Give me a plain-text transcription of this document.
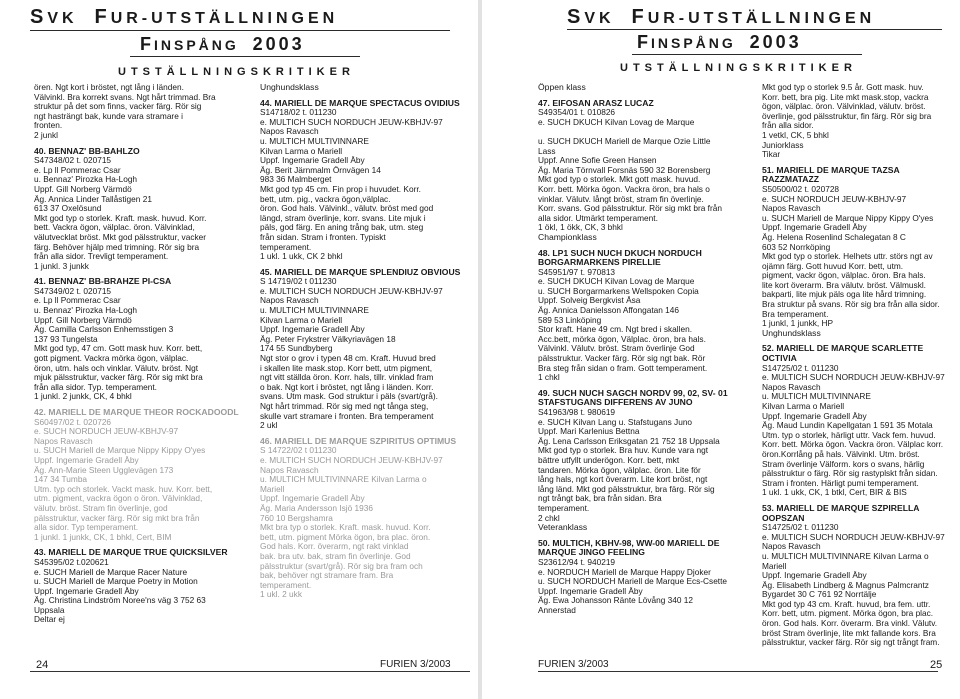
SVK FUR-UTSTÄLLNINGEN
FINSPÅNG 2003
UTSTÄLLNINGSKRITIKER

ören. Ngt kort i bröstet, ngt lång i länden.

Välvinkl. Bra korrekt svans. Ngt hårt trimmad. Bra

struktur på det som finns, vacker färg. Rör sig

ngt hasträngt bak, kunde vara stramare i

fronten.

2 junkl

40. BENNAZ' BB-BAHLZO

S47348/02 t. 020715

e. Lp ll Pommerac Csar

u. Bennaz' Pirozka Ha-Logh

Uppf. Gill Norberg Värmdö

Äg. Annica Linder Tallåstigen 21

613 37 Oxelösund

Mkt god typ o storlek. Kraft. mask. huvud. Korr.

bett. Vackra ögon, välplac. öron. Välvinklad,

välutvecklat bröst. Mkt god pälsstruktur, vacker

färg. Behöver hjälp med trimning. Rör sig bra

från alla sidor. Trevligt temperament.

1 junkl. 3 junkk

41. BENNAZ' BB-BRAHZE PI-CSA

S47349/02 t. 020715

e. Lp ll Pommerac Csar

u. Bennaz' Pirozka Ha-Logh

Uppf. Gill Norberg Värmdö

Äg. Camilla Carlsson Enhemsstigen 3

137 93 Tungelsta

Mkt god typ, 47 cm. Gott mask huv. Korr. bett,

gott pigment. Vackra mörka ögon, välplac.

öron, utm. hals och vinklar. Välutv. bröst. Ngt

mjuk pälsstruktur, vacker färg. Rör sig mkt bra

från alla sidor. Typ. temperament.

1 junkl. 2 junkk, CK, 4 bhkl

42. MARIELL DE MARQUE THEOR ROCKADOODL

S60497/02 t. 020726

e. SUCH NORDUCH JEUW-KBHJV-97

Napos Ravasch

u. SUCH Mariell de Marque Nippy Kippy O'yes

Uppf. Ingemarie Gradell Åby

Äg. Ann-Marie Steen Ugglevägen 173

147 34 Tumba

Utm. typ och storlek. Vackt mask. huv. Korr. bett,

utm. pigment, vackra ögon o öron. Välvinklad,

välutv. bröst. Stram fin överlinje, god

pälsstruktur, vacker färg. Rör sig mkt bra från

alla sidor. Typ temperament.

1 junkl. 1 junkk, CK, 1 bhkl, Cert, BIM

43. MARIELL DE MARQUE TRUE QUICKSILVER

S45395/02 t.020621

e. SUCH Mariell de Marque Racer Nature

u. SUCH Mariell de Marque Poetry in Motion

Uppf. Ingemarie Gradell Åby

Äg. Christina Lindström Noree'ns väg 3 752 63

Uppsala

Deltar ej

Unghundsklass

44. MARIELL DE MARQUE SPECTACUS OVIDIUS

S14718/02 t. 011230

e. MULTICH SUCH NORDUCH JEUW-KBHJV-97

Napos Ravasch

u. MULTICH MULTIVINNARE

Kilvan Larma o Mariell

Uppf. Ingemarie Gradell Åby

Äg. Berit Järnmalm Örnvägen 14

983 36 Malmberget

Mkt god typ 45 cm. Fin prop i huvudet. Korr.

bett, utm. pig., vackra ögon,välplac.

öron. God hals. Välvinkl., välutv. bröst med god

längd, stram överlinje, korr. svans. Lite mjuk i

päls, god färg. En aning trång bak, utm. steg

från sidan. Stram i fronten. Typiskt

temperament.

1 ukl. 1 ukk, CK 2 bhkl

45. MARIELL DE MARQUE SPLENDIUZ OBVIOUS

S 14719/02 t 011230

e. MULTICH SUCH NORDUCH JEUW-KBHJV-97

Napos Ravasch

u. MULTICH MULTIVINNARE

Kilvan Larma o Mariell

Uppf. Ingemarie Gradell Åby

Äg. Peter Frykstrer Välkyriavägen 18

174 55 Sundbyberg

Ngt stor o grov i typen 48 cm. Kraft. Huvud bred

i skallen lite mask.stop. Korr bett, utm pigment,

ngt vitt ställda öron. Korr. hals, tillr. vinklad fram

o bak. Ngt kort i bröstet, ngt lång i länden. Korr.

svans. Utm mask. God struktur i päls (svart/grå).

Ngt hårt trimmad. Rör sig med ngt tånga steg,

skulle vart stramare i fronten. Bra temperament

2 ukl

46. MARIELL DE MARQUE SZPIRITUS OPTIMUS

S 14722/02 t 011230

e. MULTICH SUCH NORDUCH JEUW-KBHJV-97

Napos Ravasch

u. MULTICH MULTIVINNARE Kilvan Larma o

Mariell

Uppf. Ingemarie Gradell Åby

Äg. Maria Andersson Isjö 1936

760 10 Bergshamra

Mkt bra typ o storlek. Kraft. mask. huvud. Korr.

bett, utm. pigment Mörka ögon, bra plac. öron.

God hals. Korr. överarm, ngt rakt vinklad

bak. bra utv. bak, stram fin överlinje. God

pälsstruktur (svart/grå). Rör sig bra fram och

bak, behöver ngt stramare fram. Bra

temperament.

1 ukl. 2 ukk

24	FURIEN 3/2003
SVK FUR-UTSTÄLLNINGEN
FINSPÅNG 2003
UTSTÄLLNINGSKRITIKER

Öppen klass

47. EIFOSAN ARASZ LUCAZ

S49354/01 t. 010826

e. SUCH DKUCH Kilvan Lovag de Marque

u. SUCH DKUCH Mariell de Marque Ozie Little

Lass

Uppf. Anne Sofie Green Hansen

Äg. Maria Törnvall Forsnäs 590 32 Borensberg

Mkt god typ o storlek. Mkt gott mask. huvud.

Korr. bett. Mörka ögon. Vackra öron, bra hals o

vinklar. Välutv. långt bröst, stram fin överlinje.

Korr. svans. God pälsstruktur. Rör sig mkt bra från

alla sidor. Utmärkt temperament.

1 ökl, 1 ökk, CK, 3 bhkl

Championklass

48. LP1 SUCH NUCH DKUCH NORDUCH BORGARMARKENS PIRELLIE

S45951/97 t. 970813

e. SUCH DKUCH Kilvan Lovag de Marque

u. SUCH Borgarmarkens Wellspoken Copia

Uppf. Solveig Bergkvist Åsa

Äg. Annica Danielsson Affongatan 146

589 53 Linköping

Stor kraft. Hane 49 cm. Ngt bred i skallen.

Acc.bett, mörka ögon, Välplac. öron, bra hals.

Välvinkl. Välutv. bröst. Stram överlinje God

pälsstruktur. Vacker färg. Rör sig ngt bak. Rör

Bra steg från sidan o fram. Gott temperament.

1 chkl

49. SUCH NUCH SAGCH NORDV 99, 02, SV- 01 STAFSTUGANS DIFFERENS AV JUNO

S41963/98 t. 980619

e. SUCH Kilvan Lang u. Stafstugans Juno

Uppf. Mari Karlenius Bettna

Äg. Lena Carlsson Eriksgatan 21 752 18 Uppsala

Mkt god typ o storlek. Bra huv. Kunde vara ngt

bättre utfyllt underögon. Korr. bett, mkt

tandaren. Mörka ögon, välplac. öron. Lite för

lång hals, ngt kort överarm. Lite kort bröst, ngt

lång länd. Mkt god pälsstruktur, bra färg. Rör sig

ngt trångt bak, bra från sidan. Bra

temperament.

2 chkl

Veteranklass

50. MULTICH, KBHV-98, WW-00 MARIELL DE MARQUE JINGO FEELING

S23612/94 t. 940219

e. NORDUCH Mariell de Marque Happy Djoker

u. SUCH NORDUCH Mariell de Marque Ecs-Csette

Uppf. Ingemarie Gradell Åby

Äg. Ewa Johansson Ränte Lövång 340 12

Annerstad

Mkt god typ o storlek 9.5 år. Gott mask. huv.

Korr. bett, bra pig. Lite mkt mask.stop, vackra

ögon, välplac. öron. Välvinklad, välutv. bröst.

överlinje, god pälsstruktur, fin färg. Rör sig bra

från alla sidor.

1 vetkl, CK, 5 bhkl

Juniorklass

Tikar

51. MARIELL DE MARQUE TAZSA RAZZMATAZZ

S50500/02 t. 020728

e. SUCH NORDUCH JEUW-KBHJV-97

Napos Ravasch

u. SUCH Mariell de Marque Nippy Kippy O'yes

Uppf. Ingemarie Gradell Åby

Äg. Helena Rosenlind Schalegatan 8 C

603 52 Norrköping

Mkt god typ o storlek. Helhets uttr. störs ngt av

ojämn färg. Gott huvud Korr. bett, utm.

pigment, vackr ögon, välplac. öron. Bra hals.

lite kort överarm. Bra välutv. bröst. Välmuskl.

bakparti, lite mjuk päls oga lite hård trimning.

Bra struktur på svans. Rör sig bra från alla sidor.

Bra temperament.

1 junkl, 1 junkk, HP

Unghundsklass

52. MARIELL DE MARQUE SCARLETTE OCTIVIA

S14725/02 t. 011230

e. MULTICH SUCH NORDUCH JEUW-KBHJV-97

Napos Ravasch

u. MULTICH MULTIVINNARE

Kilvan Larma o Mariell

Uppf. Ingemarie Gradell Åby

Äg. Maud Lundin Kapellgatan 1 591 35 Motala

Utm. typ o storlek, härligt uttr. Vack fem. huvud.

Korr. bett. Mörka ögon. Vackra öron. Välplac korr.

öron.Korrlång på hals. Välvinkl. Utm. bröst.

Stram överlinje Välform. kors o svans, härlig

pälsstruktur o färg. Rör sig rastyplskt från sidan.

Stram i fronten. Härligt pumi temperament.

1 ukl. 1 ukk, CK, 1 btkl, Cert, BIR & BIS

53. MARIELL DE MARQUE SZPIRELLA OOPSZAN

S14725/02 t. 011230

e. MULTICH SUCH NORDUCH JEUW-KBHJV-97

Napos Ravasch

u. MULTICH MULTIVINNARE Kilvan Larma o

Mariell

Uppf. Ingemarie Gradell Åby

Äg. Elisabeth Lindberg & Magnus Palmcrantz

Bygardet 30 C 761 92 Norrtälje

Mkt god typ 43 cm. Kraft. huvud, bra fem. uttr.

Korr. bett, utm. pigment. Mörka ögon, bra plac.

öron. God hals. Korr. överarm. Bra vinkl. Välutv.

bröst Stram överlinje, lite mkt fallande kors. Bra

pälsstruktur, vacker färg. Rör sig ngt trångt fram.

FURIEN 3/2003	25
